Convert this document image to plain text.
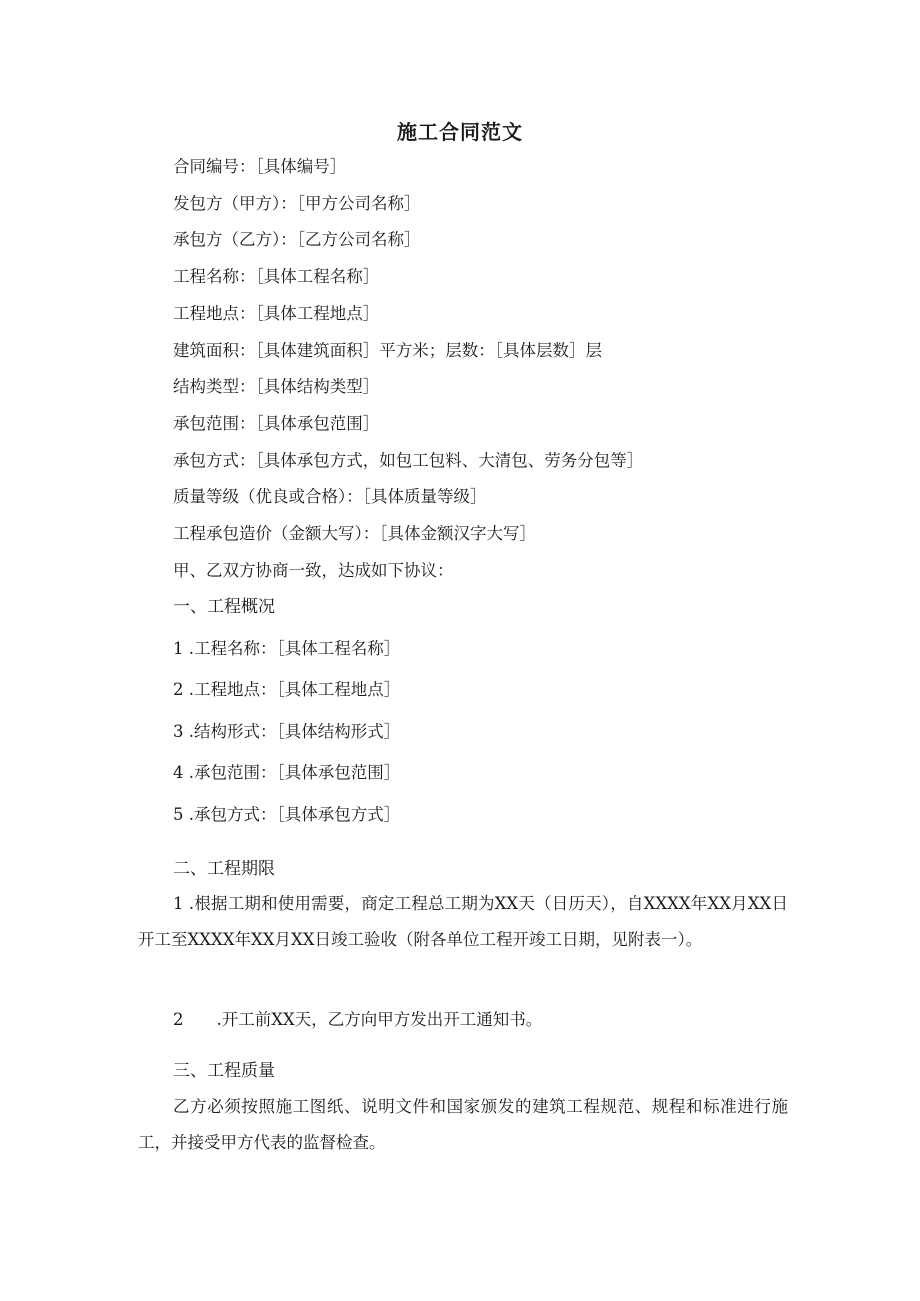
施工合同范文
合同编号：［具体编号］
发包方（甲方）：［甲方公司名称］
承包方（乙方）：［乙方公司名称］
工程名称：［具体工程名称］
工程地点：［具体工程地点］
建筑面积：［具体建筑面积］平方米；层数：［具体层数］层
结构类型：［具体结构类型］
承包范围：［具体承包范围］
承包方式：［具体承包方式，如包工包料、大清包、劳务分包等］
质量等级（优良或合格）：［具体质量等级］
工程承包造价（金额大写）：［具体金额汉字大写］
甲、乙双方协商一致，达成如下协议：
一、工程概况
1 .工程名称：［具体工程名称］
2 .工程地点：［具体工程地点］
3 .结构形式：［具体结构形式］
4 .承包范围：［具体承包范围］
5 .承包方式：［具体承包方式］
二、工程期限
1 .根据工期和使用需要，商定工程总工期为XX天（日历天），自XXXX年XX月XX日开工至XXXX年XX月XX日竣工验收（附各单位工程开竣工日期，见附表一）。
2　　.开工前XX天，乙方向甲方发出开工通知书。
三、工程质量
乙方必须按照施工图纸、说明文件和国家颁发的建筑工程规范、规程和标准进行施工，并接受甲方代表的监督检查。
